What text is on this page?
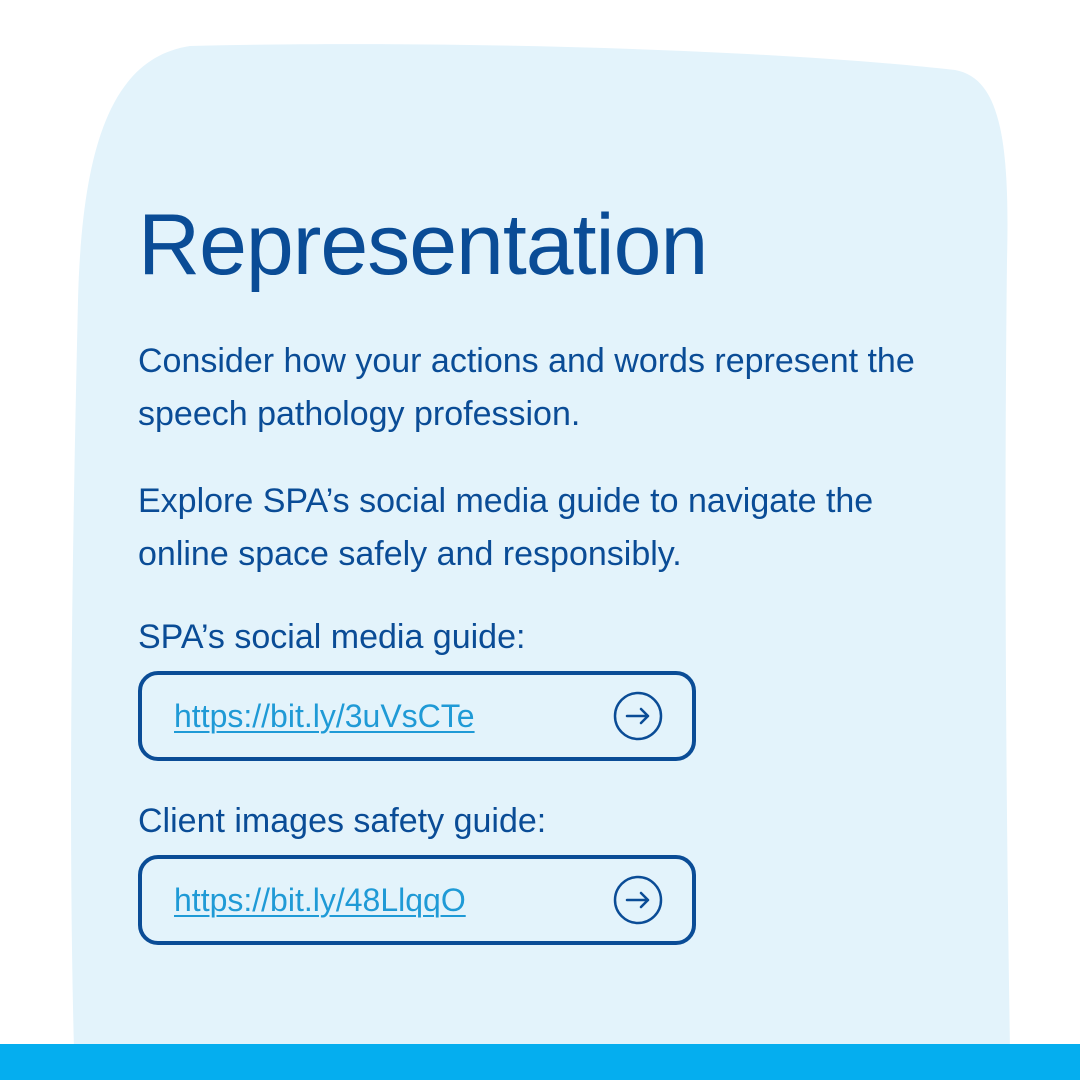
Representation

Consider how your actions and words represent the speech pathology profession.

Explore SPA’s social media guide to navigate the online space safely and responsibly.

SPA’s social media guide:
https://bit.ly/3uVsCTe
Client images safety guide:
https://bit.ly/48LlqqO
